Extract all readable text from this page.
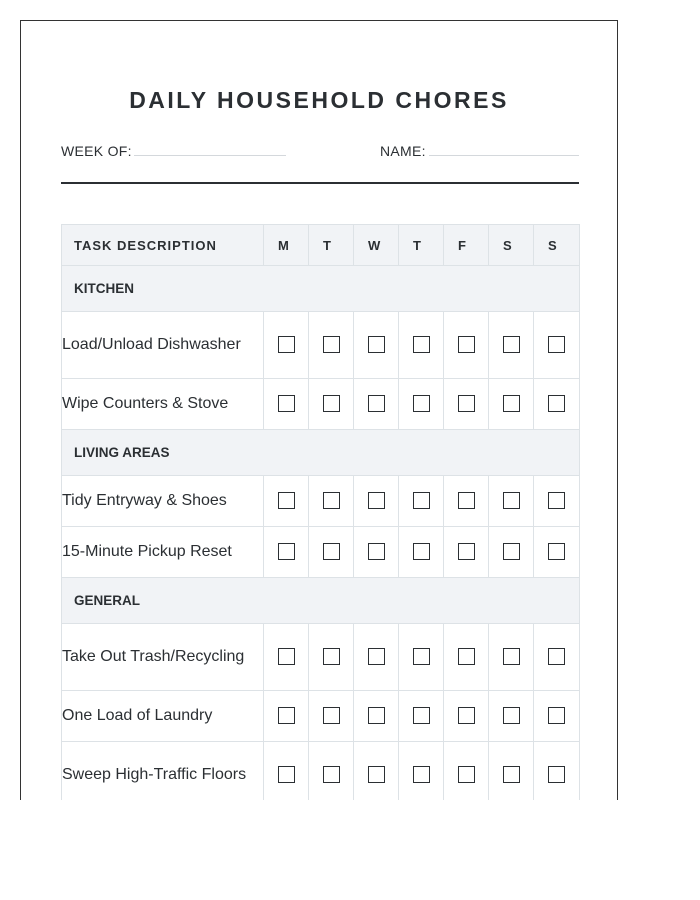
DAILY HOUSEHOLD CHORES
WEEK OF:	NAME:
TASK DESCRIPTION	M	T	W	T	F	S	S
KITCHEN							
Load/Unload Dishwasher							
Wipe Counters & Stove							
LIVING AREAS							
Tidy Entryway & Shoes							
15-Minute Pickup Reset							
GENERAL							
Take Out Trash/Recycling							
One Load of Laundry							
Sweep High-Traffic Floors							
